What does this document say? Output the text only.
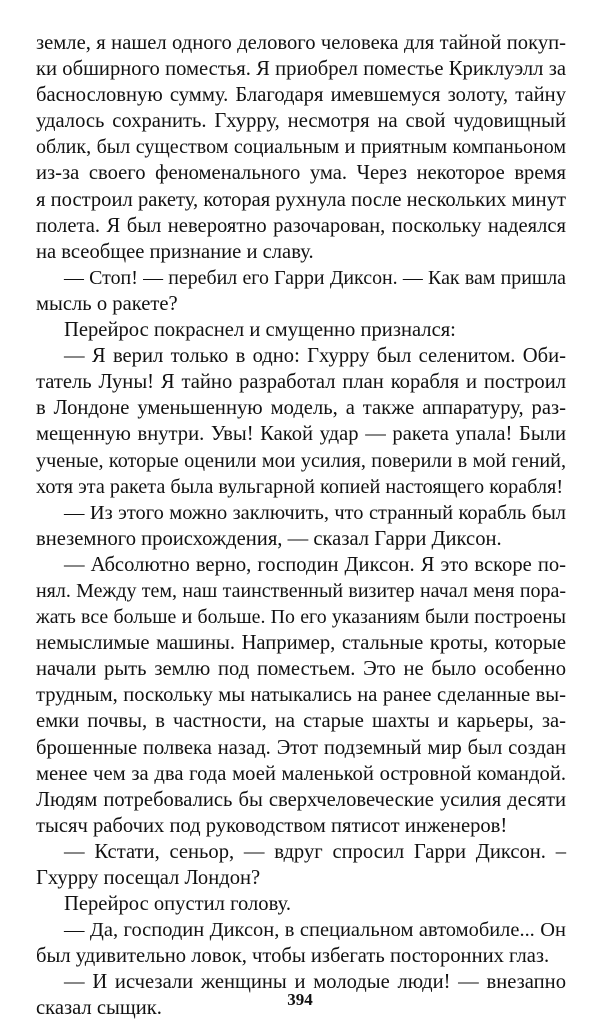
земле, я нашел одного делового человека для тайной покуп-
ки обширного поместья. Я приобрел поместье Криклуэлл за
баснословную сумму. Благодаря имевшемуся золоту, тайну
удалось сохранить. Гхурру, несмотря на свой чудовищный
облик, был существом социальным и приятным компаньоном
из-за своего феноменального ума. Через некоторое время
я построил ракету, которая рухнула после нескольких минут
полета. Я был невероятно разочарован, поскольку надеялся
на всеобщее признание и славу.
— Стоп! — перебил его Гарри Диксон. — Как вам пришла
мысль о ракете?
Перейрос покраснел и смущенно признался:
— Я верил только в одно: Гхурру был селенитом. Оби-
татель Луны! Я тайно разработал план корабля и построил
в Лондоне уменьшенную модель, а также аппаратуру, раз-
мещенную внутри. Увы! Какой удар — ракета упала! Были
ученые, которые оценили мои усилия, поверили в мой гений,
хотя эта ракета была вульгарной копией настоящего корабля!
— Из этого можно заключить, что странный корабль был
внеземного происхождения, — сказал Гарри Диксон.
— Абсолютно верно, господин Диксон. Я это вскоре по-
нял. Между тем, наш таинственный визитер начал меня пора-
жать все больше и больше. По его указаниям были построены
немыслимые машины. Например, стальные кроты, которые
начали рыть землю под поместьем. Это не было особенно
трудным, поскольку мы натыкались на ранее сделанные вы-
емки почвы, в частности, на старые шахты и карьеры, за-
брошенные полвека назад. Этот подземный мир был создан
менее чем за два года моей маленькой островной командой.
Людям потребовались бы сверхчеловеческие усилия десяти
тысяч рабочих под руководством пятисот инженеров!
— Кстати, сеньор, — вдруг спросил Гарри Диксон. –
Гхурру посещал Лондон?
Перейрос опустил голову.
— Да, господин Диксон, в специальном автомобиле... Он
был удивительно ловок, чтобы избегать посторонних глаз.
— И исчезали женщины и молодые люди! — внезапно
сказал сыщик.	394
